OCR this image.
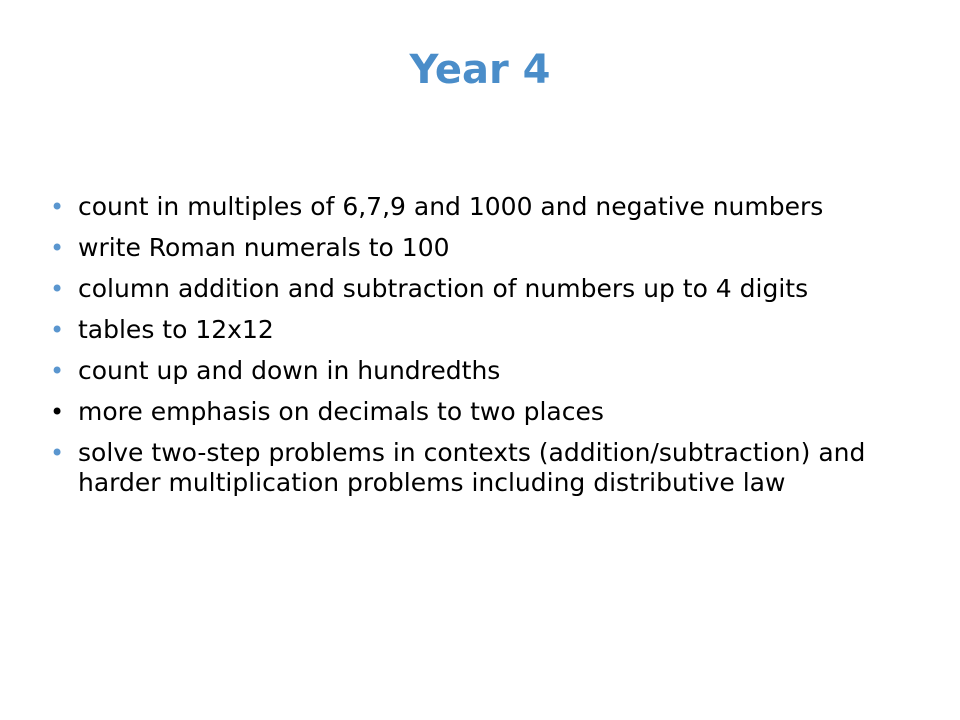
Year 4
• count in multiples of 6,7,9 and 1000 and negative numbers
• write Roman numerals to 100
• column addition and subtraction of numbers up to 4 digits
• tables to 12x12
• count up and down in hundredths
• more emphasis on decimals to two places
• solve two-step problems in contexts (addition/subtraction) and harder multiplication problems including distributive law
